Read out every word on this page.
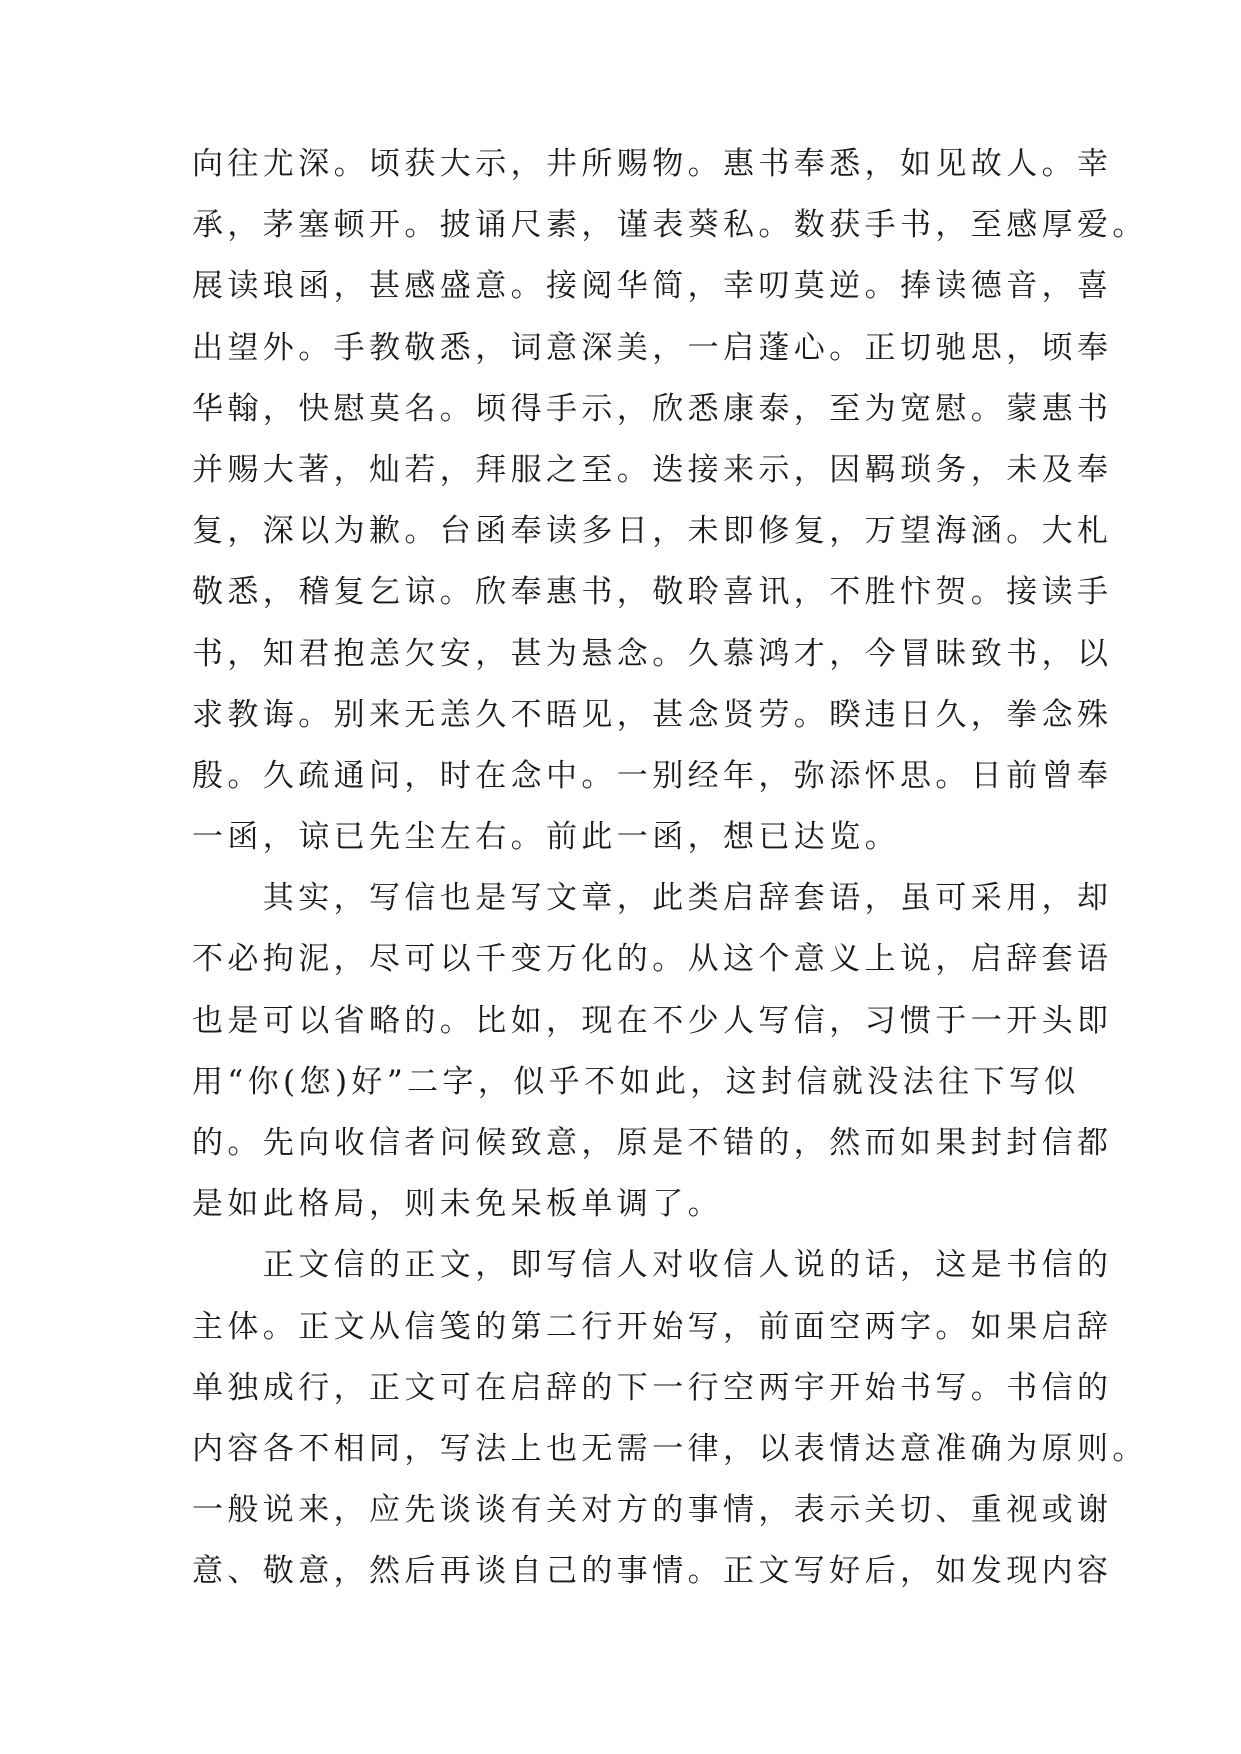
向往尤深。顷获大示，井所赐物。惠书奉悉，如见故人。幸
承，茅塞顿开。披诵尺素，谨表葵私。数获手书，至感厚爱。
展读琅函，甚感盛意。接阅华简，幸叨莫逆。捧读德音，喜
出望外。手教敬悉，词意深美，一启蓬心。正切驰思，顷奉
华翰，快慰莫名。顷得手示，欣悉康泰，至为宽慰。蒙惠书
并赐大著，灿若，拜服之至。迭接来示，因羁琐务，未及奉
复，深以为歉。台函奉读多日，未即修复，万望海涵。大札
敬悉，稽复乞谅。欣奉惠书，敬聆喜讯，不胜忭贺。接读手
书，知君抱恙欠安，甚为悬念。久慕鸿才，今冒昧致书，以
求教诲。别来无恙久不晤见，甚念贤劳。睽违日久，拳念殊
殷。久疏通问，时在念中。一别经年，弥添怀思。日前曾奉
一函，谅已先尘左右。前此一函，想已达览。
　　其实，写信也是写文章，此类启辞套语，虽可采用，却
不必拘泥，尽可以千变万化的。从这个意义上说，启辞套语
也是可以省略的。比如，现在不少人写信，习惯于一开头即
用“你(您)好”二字，似乎不如此，这封信就没法往下写似
的。先向收信者问候致意，原是不错的，然而如果封封信都
是如此格局，则未免呆板单调了。
　　正文信的正文，即写信人对收信人说的话，这是书信的
主体。正文从信笺的第二行开始写，前面空两字。如果启辞
单独成行，正文可在启辞的下一行空两宇开始书写。书信的
内容各不相同，写法上也无需一律，以表情达意准确为原则。
一般说来，应先谈谈有关对方的事情，表示关切、重视或谢
意、敬意，然后再谈自己的事情。正文写好后，如发现内容
